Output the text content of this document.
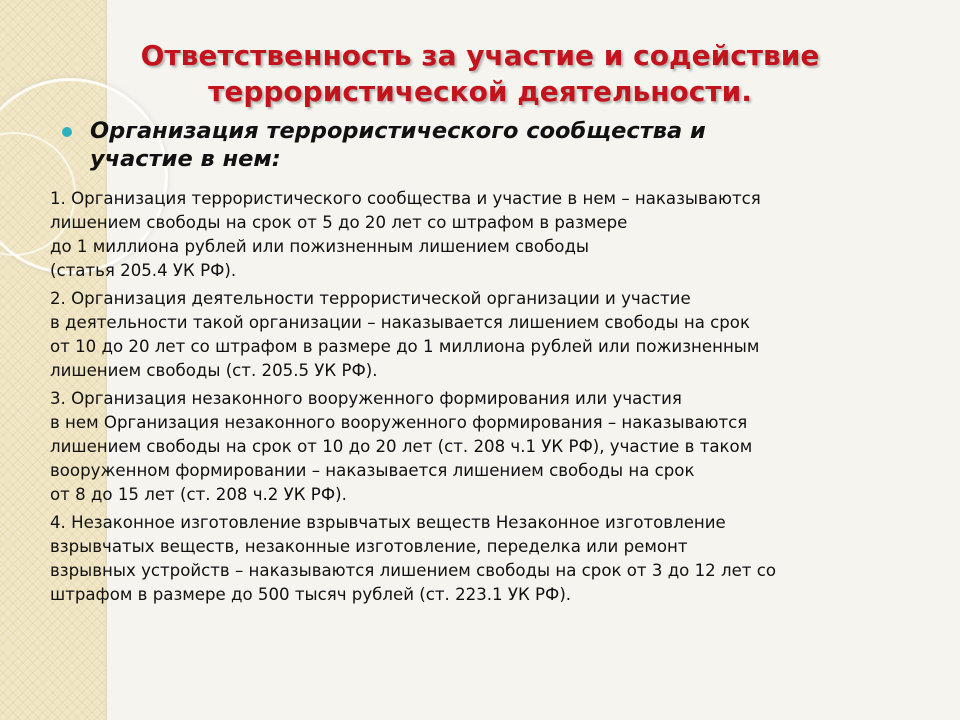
Ответственность за участие и содействие
террористической деятельности.
Организация террористического сообщества и
участие в нем:

1. Организация террористического сообщества и участие в нем – наказываются
лишением свободы на срок от 5 до 20 лет со штрафом в размере
до 1 миллиона рублей или пожизненным лишением свободы
(статья 205.4 УК РФ).

2. Организация деятельности террористической организации и участие
в деятельности такой организации – наказывается лишением свободы на срок
от 10 до 20 лет со штрафом в размере до 1 миллиона рублей или пожизненным
лишением свободы (ст. 205.5 УК РФ).

3. Организация незаконного вооруженного формирования или участия
в нем Организация незаконного вооруженного формирования – наказываются
лишением свободы на срок от 10 до 20 лет (ст. 208 ч.1 УК РФ), участие в таком
вооруженном формировании – наказывается лишением свободы на срок
от 8 до 15 лет (ст. 208 ч.2 УК РФ).

4. Незаконное изготовление взрывчатых веществ Незаконное изготовление
взрывчатых веществ, незаконные изготовление, переделка или ремонт
взрывных устройств – наказываются лишением свободы на срок от 3 до 12 лет со
штрафом в размере до 500 тысяч рублей (ст. 223.1 УК РФ).
